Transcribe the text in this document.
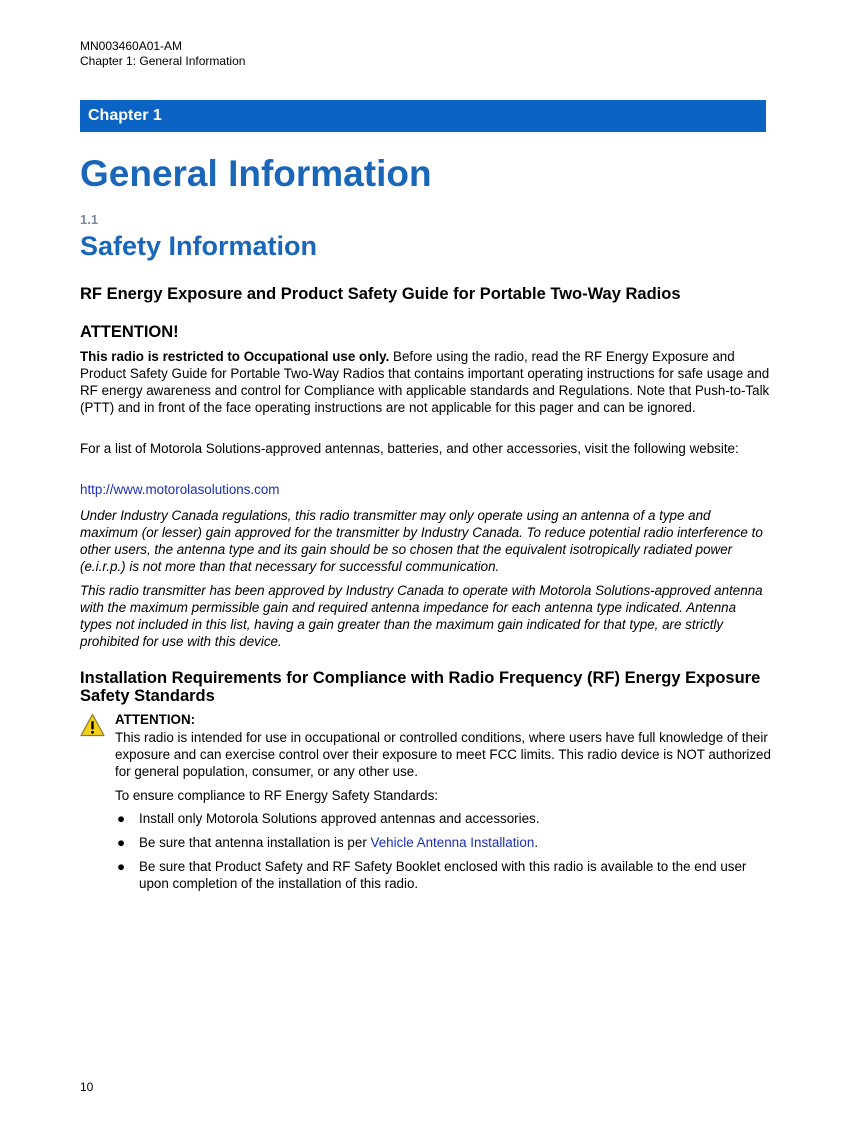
MN003460A01-AM
Chapter 1: General Information
Chapter 1
General Information
1.1
Safety Information
RF Energy Exposure and Product Safety Guide for Portable Two-Way Radios
ATTENTION!

This radio is restricted to Occupational use only. Before using the radio, read the RF Energy Exposure and Product Safety Guide for Portable Two-Way Radios that contains important operating instructions for safe usage and RF energy awareness and control for Compliance with applicable standards and Regulations. Note that Push-to-Talk (PTT) and in front of the face operating instructions are not applicable for this pager and can be ignored.

For a list of Motorola Solutions-approved antennas, batteries, and other accessories, visit the following website:

http://www.motorolasolutions.com

Under Industry Canada regulations, this radio transmitter may only operate using an antenna of a type and maximum (or lesser) gain approved for the transmitter by Industry Canada. To reduce potential radio interference to other users, the antenna type and its gain should be so chosen that the equivalent isotropically radiated power (e.i.r.p.) is not more than that necessary for successful communication.

This radio transmitter has been approved by Industry Canada to operate with Motorola Solutions-approved antenna with the maximum permissible gain and required antenna impedance for each antenna type indicated. Antenna types not included in this list, having a gain greater than the maximum gain indicated for that type, are strictly prohibited for use with this device.

Installation Requirements for Compliance with Radio Frequency (RF) Energy Exposure Safety Standards
ATTENTION:

This radio is intended for use in occupational or controlled conditions, where users have full knowledge of their exposure and can exercise control over their exposure to meet FCC limits. This radio device is NOT authorized for general population, consumer, or any other use.

To ensure compliance to RF Energy Safety Standards:

● Install only Motorola Solutions approved antennas and accessories.
● Be sure that antenna installation is per Vehicle Antenna Installation.
● Be sure that Product Safety and RF Safety Booklet enclosed with this radio is available to the end user upon completion of the installation of this radio.
10
